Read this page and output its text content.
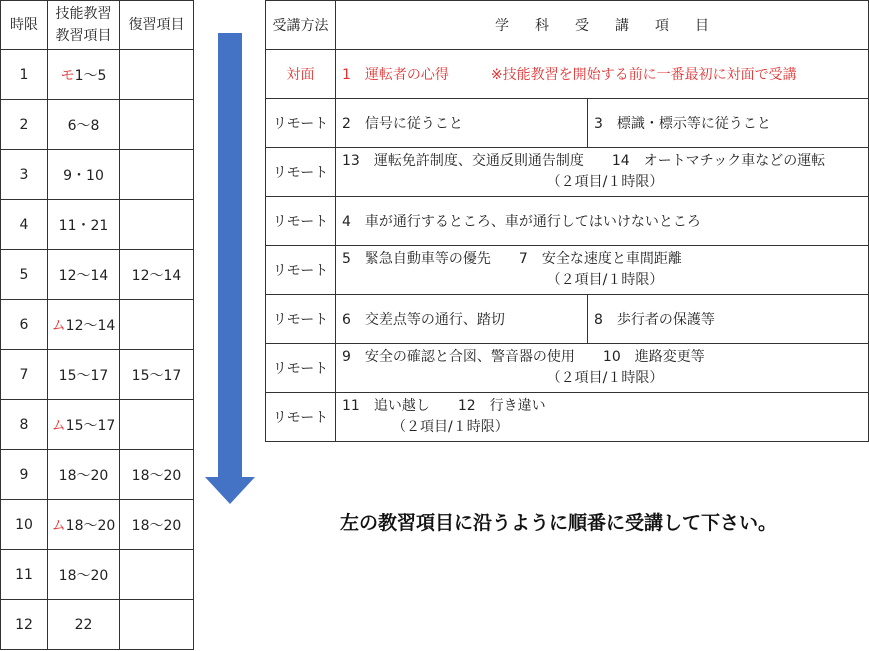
時限	技能教習教習項目	復習項目
1	モ1～5	
2	6～8	
3	9・10	
4	11・21	
5	12～14	12～14
6	ム12～14	
7	15～17	15～17
8	ム15～17	
9	18～20	18～20
10	ム18～20	18～20
11	18～20	
12	22	
受講方法	学科受講項目	
対面	1　運転者の心得　　　※技能教習を開始する前に一番最初に対面で受講	
リモート	2　信号に従うこと	3　標識・標示等に従うこと
リモート	13　運転免許制度、交通反則通告制度　　14　オートマチック車などの運転
（２項目/１時限）	

リモート	4　車が通行するところ、車が通行してはいけないところ	
リモート	5　緊急自動車等の優先　　7　安全な速度と車間距離
（２項目/１時限）	

リモート	6　交差点等の通行、踏切	8　歩行者の保護等
リモート	9　安全の確認と合図、警音器の使用　　10　進路変更等
（２項目/１時限）	

リモート	11　追い越し　　12　行き違い
（２項目/１時限）	
左の教習項目に沿うように順番に受講して下さい。
